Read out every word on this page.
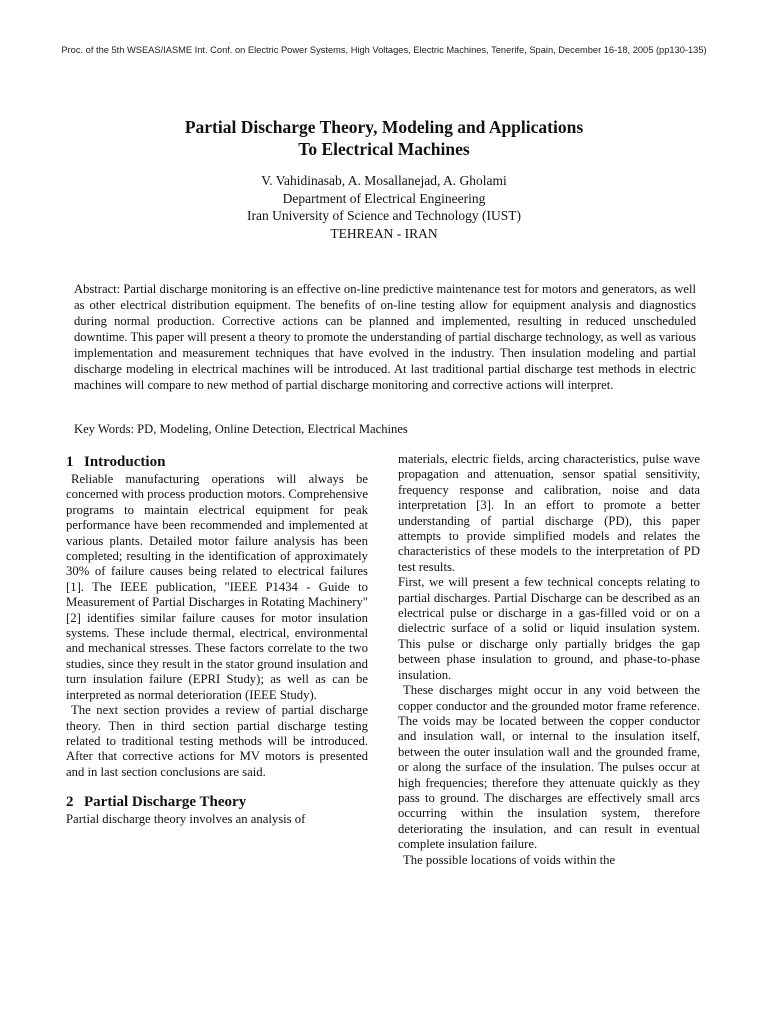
Proc. of the 5th WSEAS/IASME Int. Conf. on Electric Power Systems, High Voltages, Electric Machines, Tenerife, Spain, December 16-18, 2005 (pp130-135)
Partial Discharge Theory, Modeling and Applications
To Electrical Machines
V. Vahidinasab, A. Mosallanejad, A. Gholami
Department of Electrical Engineering
Iran University of Science and Technology (IUST)
TEHREAN - IRAN

Abstract: Partial discharge monitoring is an effective on-line predictive maintenance test for motors and generators, as well as other electrical distribution equipment. The benefits of on-line testing allow for equipment analysis and diagnostics during normal production. Corrective actions can be planned and implemented, resulting in reduced unscheduled downtime. This paper will present a theory to promote the understanding of partial discharge technology, as well as various implementation and measurement techniques that have evolved in the industry. Then insulation modeling and partial discharge modeling in electrical machines will be introduced. At last traditional partial discharge test methods in electric machines will compare to new method of partial discharge monitoring and corrective actions will interpret.

Key Words: PD, Modeling, Online Detection, Electrical Machines

1 Introduction

Reliable manufacturing operations will always be concerned with process production motors. Comprehensive programs to maintain electrical equipment for peak performance have been recommended and implemented at various plants. Detailed motor failure analysis has been completed; resulting in the identification of approximately 30% of failure causes being related to electrical failures [1]. The IEEE publication, "IEEE P1434 - Guide to Measurement of Partial Discharges in Rotating Machinery" [2] identifies similar failure causes for motor insulation systems. These include thermal, electrical, environmental and mechanical stresses. These factors correlate to the two studies, since they result in the stator ground insulation and turn insulation failure (EPRI Study); as well as can be interpreted as normal deterioration (IEEE Study).

The next section provides a review of partial discharge theory. Then in third section partial discharge testing related to traditional testing methods will be introduced. After that corrective actions for MV motors is presented and in last section conclusions are said.

2 Partial Discharge Theory

Partial discharge theory involves an analysis of

materials, electric fields, arcing characteristics, pulse wave propagation and attenuation, sensor spatial sensitivity, frequency response and calibration, noise and data interpretation [3]. In an effort to promote a better understanding of partial discharge (PD), this paper attempts to provide simplified models and relates the characteristics of these models to the interpretation of PD test results.

First, we will present a few technical concepts relating to partial discharges. Partial Discharge can be described as an electrical pulse or discharge in a gas-filled void or on a dielectric surface of a solid or liquid insulation system. This pulse or discharge only partially bridges the gap between phase insulation to ground, and phase-to-phase insulation.

These discharges might occur in any void between the copper conductor and the grounded motor frame reference. The voids may be located between the copper conductor and insulation wall, or internal to the insulation itself, between the outer insulation wall and the grounded frame, or along the surface of the insulation. The pulses occur at high frequencies; therefore they attenuate quickly as they pass to ground. The discharges are effectively small arcs occurring within the insulation system, therefore deteriorating the insulation, and can result in eventual complete insulation failure.

The possible locations of voids within the
